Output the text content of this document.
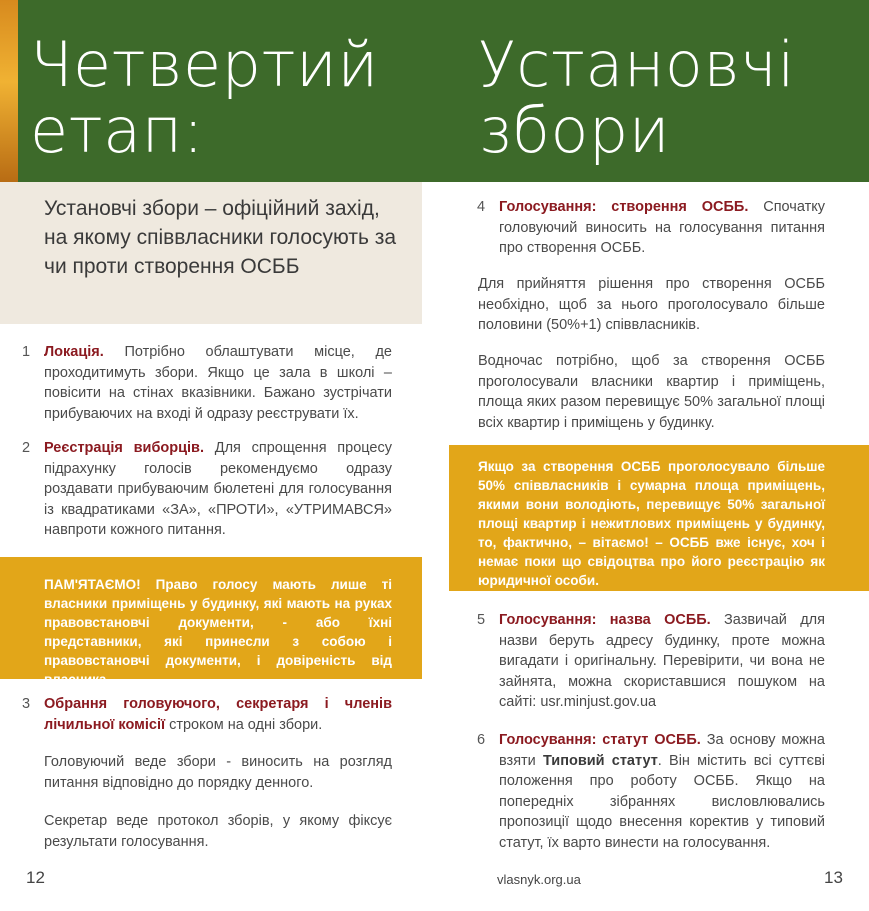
Четвертий етап:
Установчі збори
Установчі збори – офіційний захід, на якому співвласники голосують за чи проти створення ОСББ
1 Локація. Потрібно облаштувати місце, де проходитимуть збори. Якщо це зала в школі – повісити на стінах вказівники. Бажано зустрічати прибуваючих на вході й одразу реєструвати їх.
2 Реєстрація виборців. Для спрощення процесу підрахунку голосів рекомендуємо одразу роздавати прибуваючим бюлетені для голосування із квадратиками «ЗА», «ПРОТИ», «УТРИМАВСЯ» навпроти кожного питання.
ПАМ'ЯТАЄМО! Право голосу мають лише ті власники приміщень у будинку, які мають на руках правовстановчі документи, - або їхні представники, які принесли з собою і правовстановчі документи, і довіреність від власника.
3 Обрання головуючого, секретаря і членів лічильної комісії строком на одні збори.
Головуючий веде збори - виносить на розгляд питання відповідно до порядку денного.
Секретар веде протокол зборів, у якому фіксує результати голосування.
4 Голосування: створення ОСББ. Спочатку головуючий виносить на голосування питання про створення ОСББ.
Для прийняття рішення про створення ОСББ необхідно, щоб за нього проголосувало більше половини (50%+1) співвласників.
Водночас потрібно, щоб за створення ОСББ проголосували власники квартир і приміщень, площа яких разом перевищує 50% загальної площі всіх квартир і приміщень у будинку.
Якщо за створення ОСББ проголосувало більше 50% співвласників і сумарна площа приміщень, якими вони володіють, перевищує 50% загальної площі квартир і нежитлових приміщень у будинку, то, фактично, – вітаємо! – ОСББ вже існує, хоч і немає поки що свідоцтва про його реєстрацію як юридичної особи.
5 Голосування: назва ОСББ. Зазвичай для назви беруть адресу будинку, проте можна вигадати і оригінальну. Перевірити, чи вона не зайнята, можна скориставшися пошуком на сайті: usr.minjust.gov.ua
6 Голосування: статут ОСББ. За основу можна взяти Типовий статут. Він містить всі суттєві положення про роботу ОСББ. Якщо на попередніх зібраннях висловлювались пропозиції щодо внесення коректив у типовий статут, їх варто винести на голосування.
12	vlasnyk.org.ua	13
